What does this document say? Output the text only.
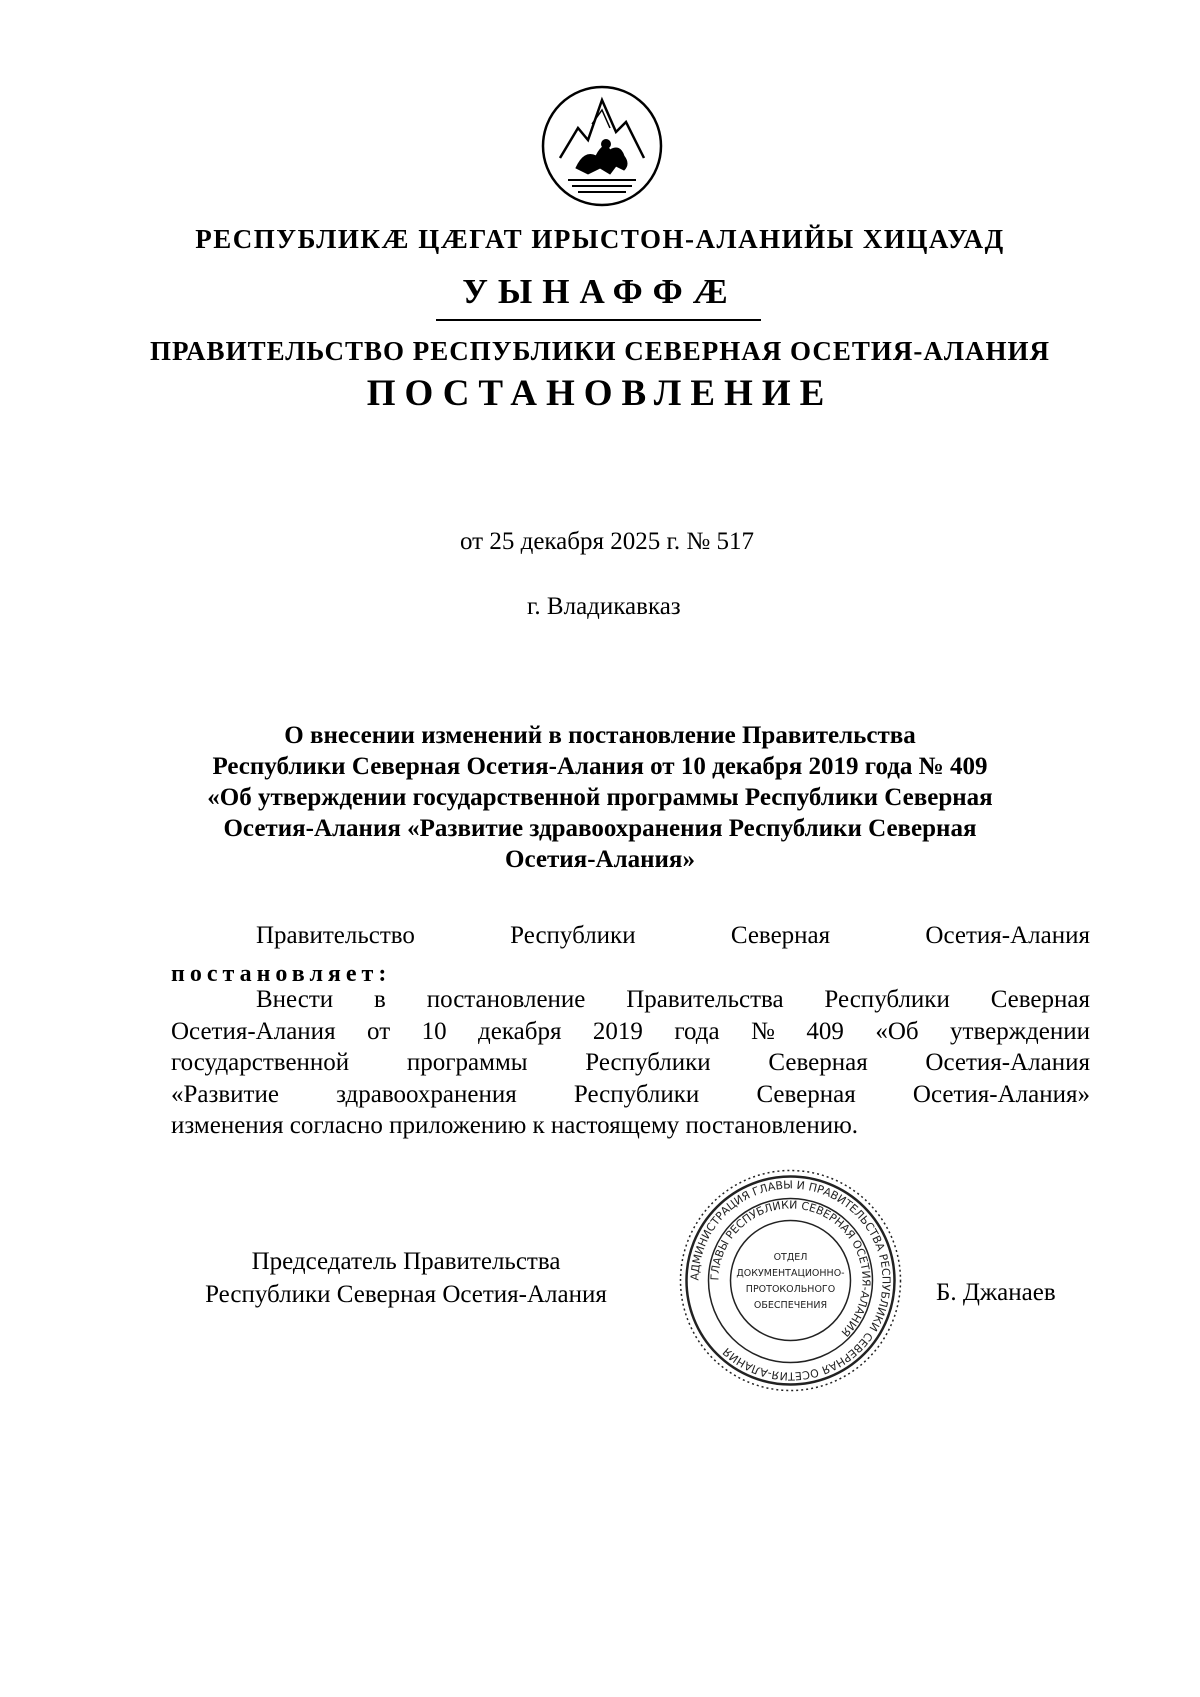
РЕСПУБЛИКÆ ЦÆГАТ ИРЫСТОН-АЛАНИЙЫ ХИЦАУАД
УЫНАФФÆ
ПРАВИТЕЛЬСТВО РЕСПУБЛИКИ СЕВЕРНАЯ ОСЕТИЯ-АЛАНИЯ
ПОСТАНОВЛЕНИЕ
от 25 декабря 2025 г. № 517
г. Владикавказ
О внесении изменений в постановление Правительства
Республики Северная Осетия-Алания от 10 декабря 2019 года № 409
«Об утверждении государственной программы Республики Северная
Осетия-Алания «Развитие здравоохранения Республики Северная
Осетия-Алания»
Правительство	Республики	Северная	Осетия-Алания
постановляет:
Внести в постановление Правительства Республики Северная
Осетия-Алания от 10 декабря 2019 года № 409 «Об утверждении
государственной программы Республики Северная Осетия-Алания
«Развитие здравоохранения Республики Северная Осетия-Алания»
изменения согласно приложению к настоящему постановлению.
Председатель Правительства
Республики Северная Осетия-Алания
АДМИНИСТРАЦИЯ ГЛАВЫ И ПРАВИТЕЛЬСТВА РЕСПУБЛИКИ СЕВЕРНАЯ ОСЕТИЯ-АЛАНИЯ
ГЛАВЫ РЕСПУБЛИКИ СЕВЕРНАЯ ОСЕТИЯ-АЛАНИЯ
ОТДЕЛ
ДОКУМЕНТАЦИОННО-
ПРОТОКОЛЬНОГО
ОБЕСПЕЧЕНИЯ	Б. Джанаев
